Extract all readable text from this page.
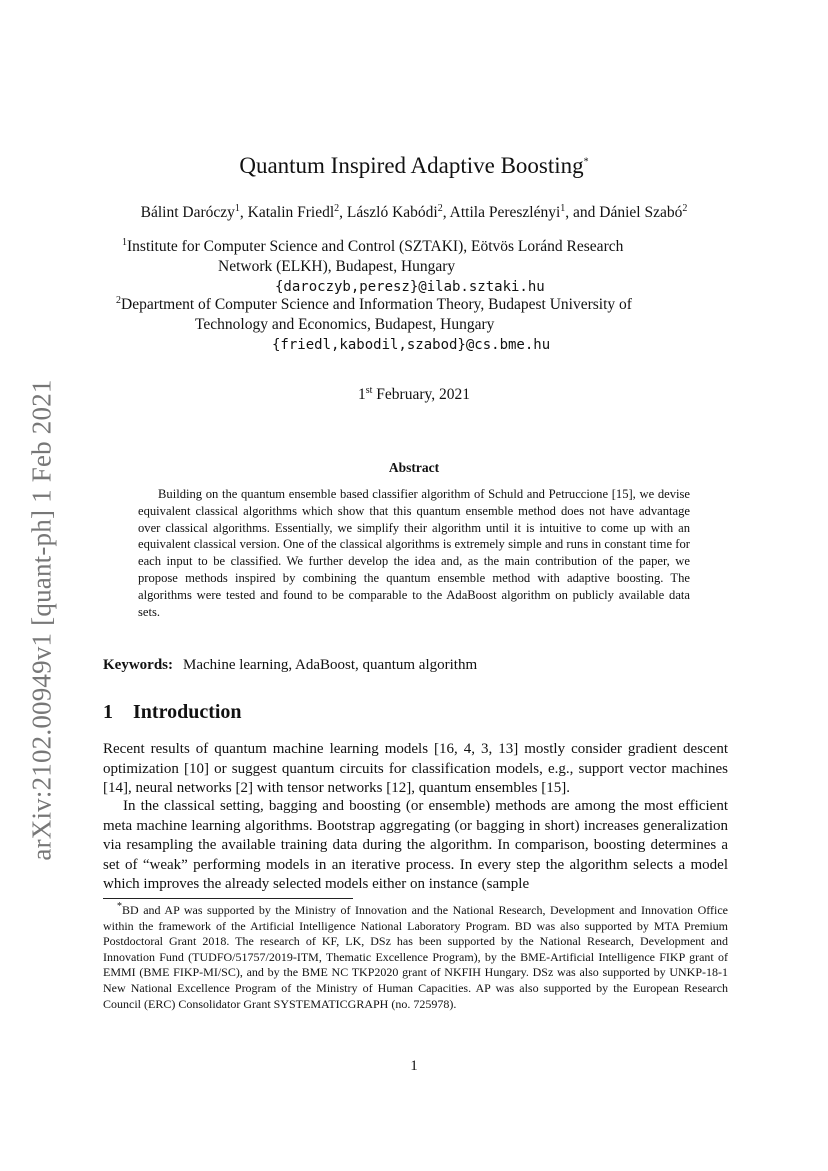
arXiv:2102.00949v1 [quant-ph] 1 Feb 2021
Quantum Inspired Adaptive Boosting*
Bálint Daróczy$^1$, Katalin Friedl$^2$, László Kabódi$^2$, Attila Pereszlényi$^1$, and Dániel Szabó$^2$
$^1$Institute for Computer Science and Control (SZTAKI), Eötvös Loránd Research
Network (ELKH), Budapest, Hungary
{daroczyb,peresz}@ilab.sztaki.hu
$^2$Department of Computer Science and Information Theory, Budapest University of
Technology and Economics, Budapest, Hungary
{friedl,kabodil,szabod}@cs.bme.hu
1st February, 2021
Abstract

Building on the quantum ensemble based classifier algorithm of Schuld and Petruccione [15], we devise equivalent classical algorithms which show that this quantum ensemble method does not have advantage over classical algorithms. Essentially, we simplify their algorithm until it is intuitive to come up with an equivalent classical version. One of the classical algorithms is extremely simple and runs in constant time for each input to be classified. We further develop the idea and, as the main contribution of the paper, we propose methods inspired by combining the quantum ensemble method with adaptive boosting. The algorithms were tested and found to be comparable to the AdaBoost algorithm on publicly available data sets.

Keywords: Machine learning, AdaBoost, quantum algorithm
1 Introduction

Recent results of quantum machine learning models [16, 4, 3, 13] mostly consider gradient descent optimization [10] or suggest quantum circuits for classification models, e.g., support vector machines [14], neural networks [2] with tensor networks [12], quantum ensembles [15].

In the classical setting, bagging and boosting (or ensemble) methods are among the most efficient meta machine learning algorithms. Bootstrap aggregating (or bagging in short) increases generalization via resampling the available training data during the algorithm. In comparison, boosting determines a set of “weak” performing models in an iterative process. In every step the algorithm selects a model which improves the already selected models either on instance (sample

*BD and AP was supported by the Ministry of Innovation and the National Research, Development and Innovation Office within the framework of the Artificial Intelligence National Laboratory Program. BD was also supported by MTA Premium Postdoctoral Grant 2018. The research of KF, LK, DSz has been supported by the National Research, Development and Innovation Fund (TUDFO/51757/2019-ITM, Thematic Excellence Program), by the BME-Artificial Intelligence FIKP grant of EMMI (BME FIKP-MI/SC), and by the BME NC TKP2020 grant of NKFIH Hungary. DSz was also supported by UNKP-18-1 New National Excellence Program of the Ministry of Human Capacities. AP was also supported by the European Research Council (ERC) Consolidator Grant SYSTEMATICGRAPH (no. 725978).

1
